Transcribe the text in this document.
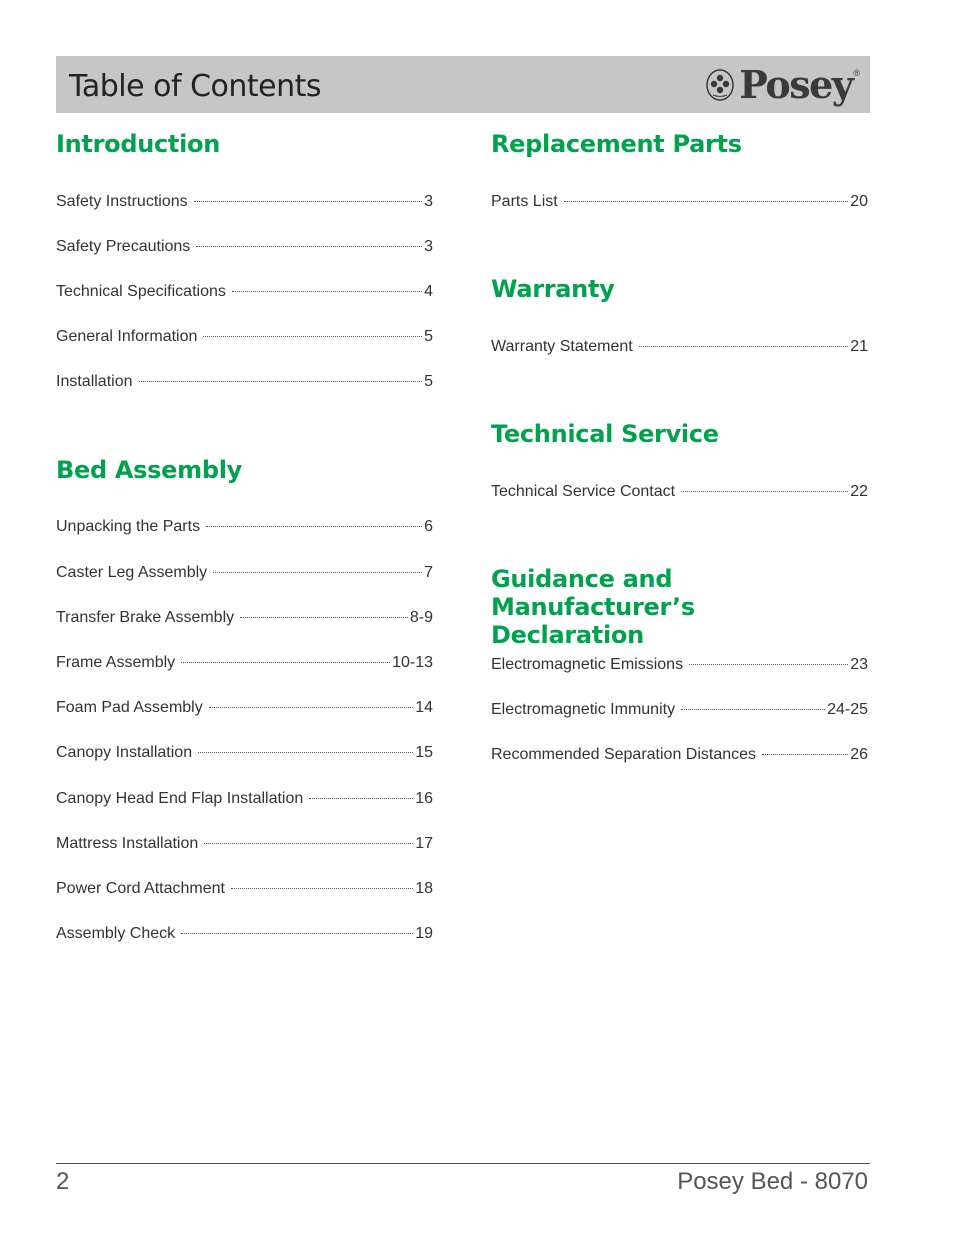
Table of Contents	Posey ®
Introduction
Safety Instructions	3
Safety Precautions	3
Technical Specifications	4
General Information	5
Installation	5
Bed Assembly
Unpacking the Parts	6
Caster Leg Assembly	7
Transfer Brake Assembly	8-9
Frame Assembly	10-13
Foam Pad Assembly	14
Canopy Installation	15
Canopy Head End Flap Installation	16
Mattress Installation	17
Power Cord Attachment	18
Assembly Check	19
Replacement Parts
Parts List	20
Warranty
Warranty Statement	21
Technical Service
Technical Service Contact	22
Guidance and Manufacturer’s Declaration
Electromagnetic Emissions	23
Electromagnetic Immunity	24-25
Recommended Separation Distances	26
2	Posey Bed - 8070
